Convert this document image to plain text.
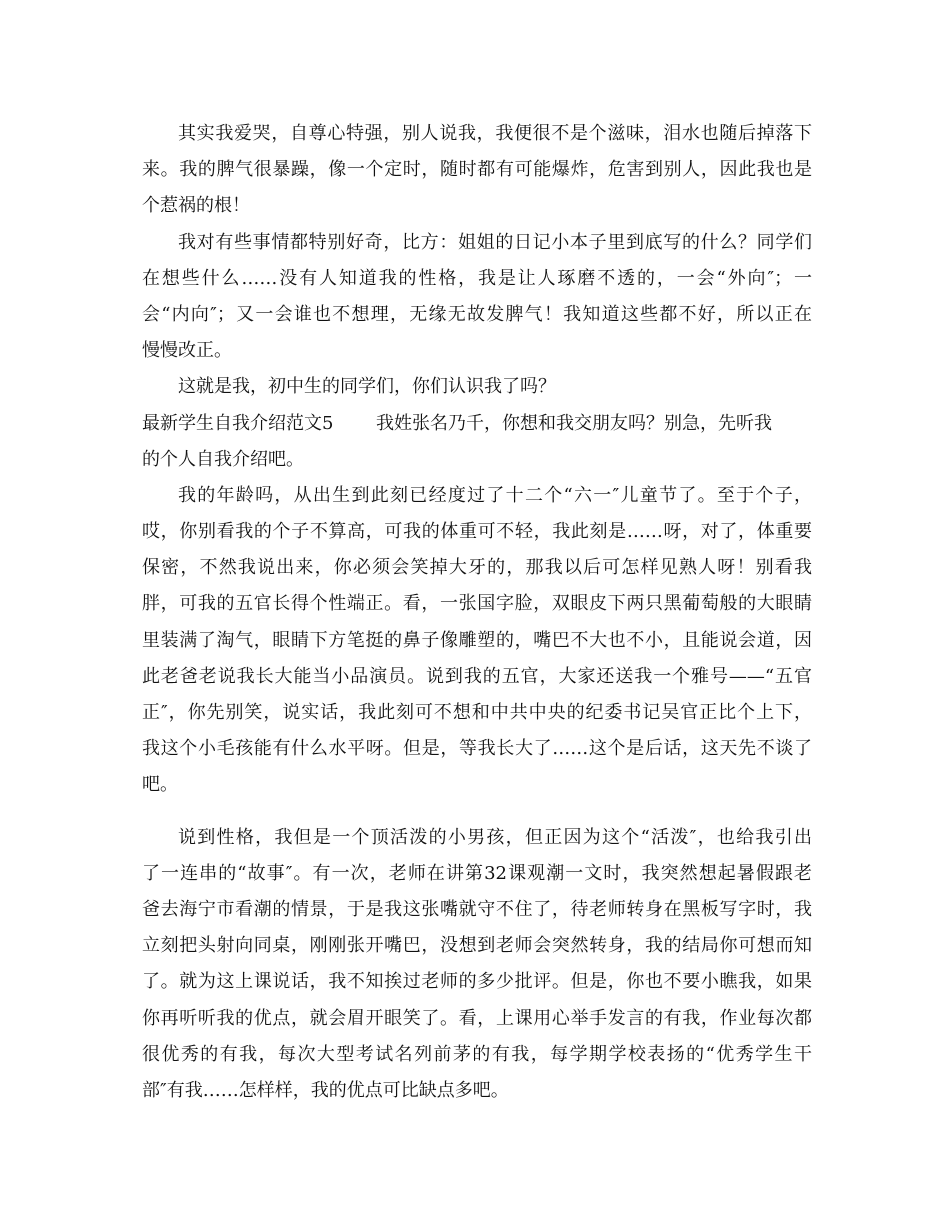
其实我爱哭，自尊心特强，别人说我，我便很不是个滋味，泪水也随后掉落下
来。我的脾气很暴躁，像一个定时，随时都有可能爆炸，危害到别人，因此我也是
个惹祸的根！
我对有些事情都特别好奇，比方：姐姐的日记小本子里到底写的什么？同学们
在想些什么……没有人知道我的性格，我是让人琢磨不透的，一会“外向″；一
会“内向″；又一会谁也不想理，无缘无故发脾气！我知道这些都不好，所以正在
慢慢改正。
这就是我，初中生的同学们，你们认识我了吗？
最新学生自我介绍范文5	我姓张名乃千，你想和我交朋友吗？别急，先听我
的个人自我介绍吧。
我的年龄吗，从出生到此刻已经度过了十二个“六一″儿童节了。至于个子，
哎，你别看我的个子不算高，可我的体重可不轻，我此刻是……呀，对了，体重要
保密，不然我说出来，你必须会笑掉大牙的，那我以后可怎样见熟人呀！别看我
胖，可我的五官长得个性端正。看，一张国字脸，双眼皮下两只黑葡萄般的大眼睛
里装满了淘气，眼睛下方笔挺的鼻子像雕塑的，嘴巴不大也不小，且能说会道，因
此老爸老说我长大能当小品演员。说到我的五官，大家还送我一个雅号——“五官
正″，你先别笑，说实话，我此刻可不想和中共中央的纪委书记吴官正比个上下，
我这个小毛孩能有什么水平呀。但是，等我长大了……这个是后话，这天先不谈了
吧。
说到性格，我但是一个顶活泼的小男孩，但正因为这个“活泼″，也给我引出
了一连串的“故事″。有一次，老师在讲第32课观潮一文时，我突然想起暑假跟老
爸去海宁市看潮的情景，于是我这张嘴就守不住了，待老师转身在黑板写字时，我
立刻把头射向同桌，刚刚张开嘴巴，没想到老师会突然转身，我的结局你可想而知
了。就为这上课说话，我不知挨过老师的多少批评。但是，你也不要小瞧我，如果
你再听听我的优点，就会眉开眼笑了。看，上课用心举手发言的有我，作业每次都
很优秀的有我，每次大型考试名列前茅的有我，每学期学校表扬的“优秀学生干
部″有我……怎样样，我的优点可比缺点多吧。
